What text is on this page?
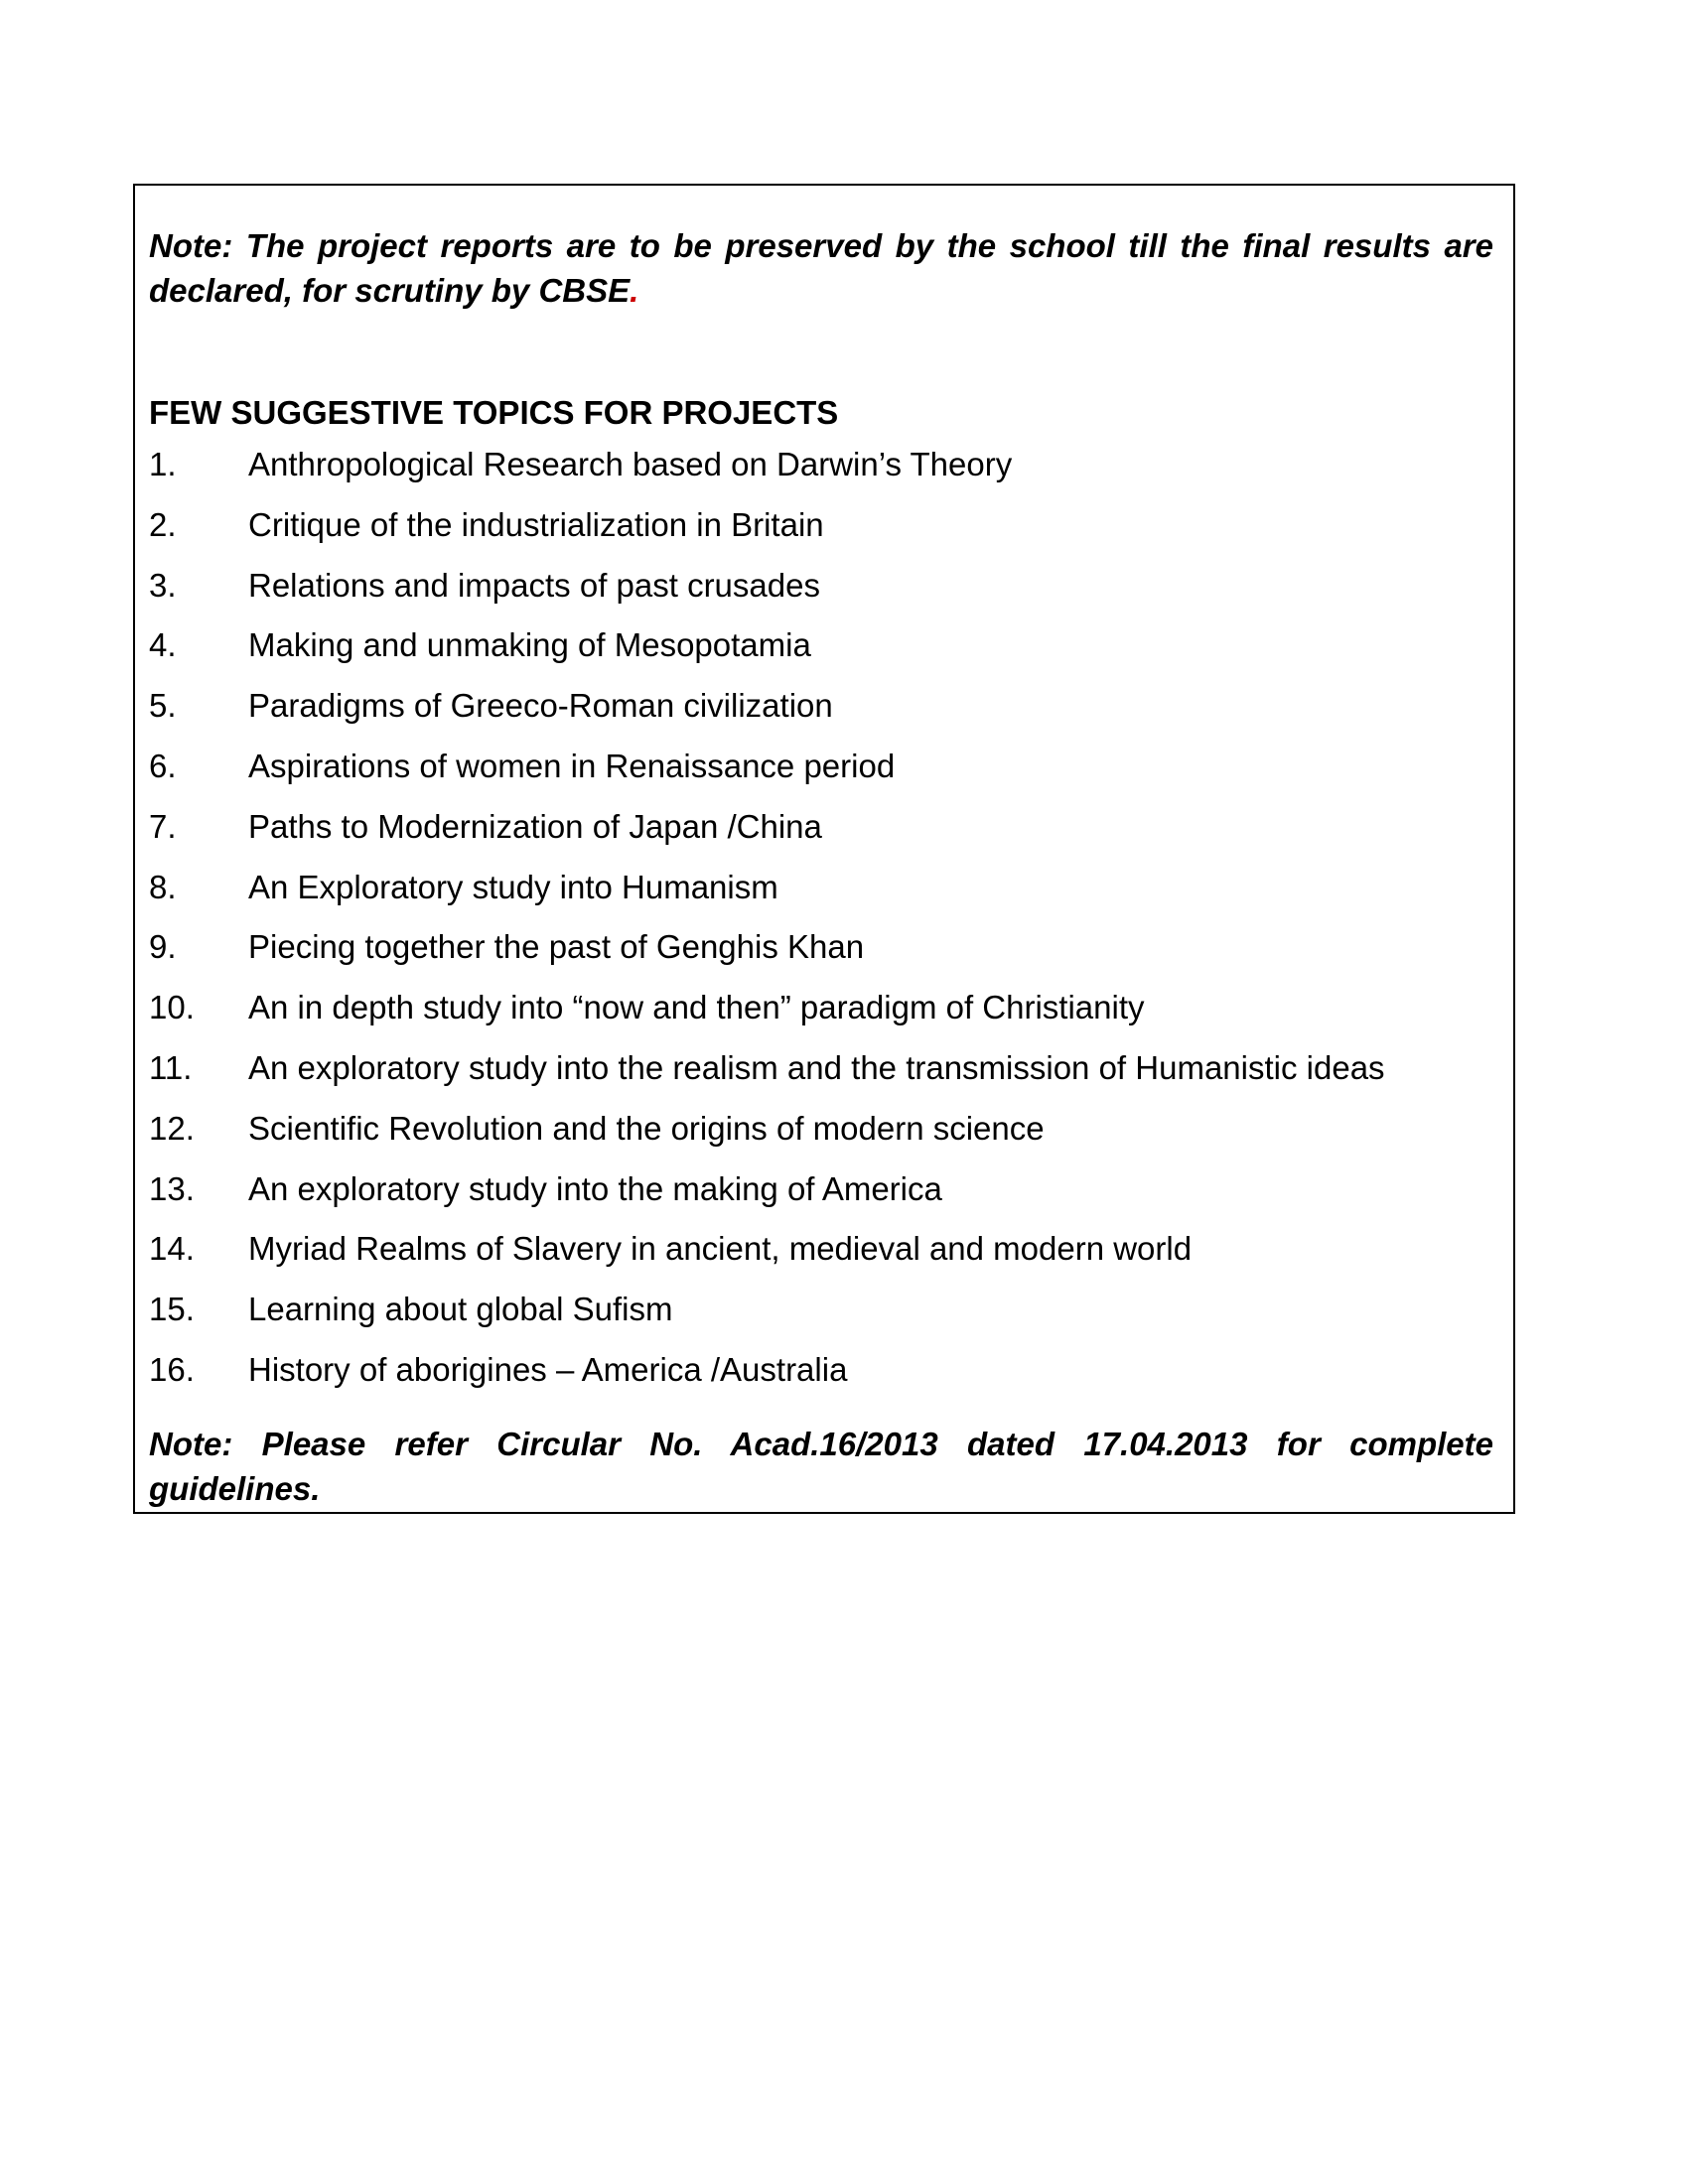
Note: The project reports are to be preserved by the school till the final results are
declared, for scrutiny by CBSE.
FEW SUGGESTIVE TOPICS FOR PROJECTS
1.	Anthropological Research based on Darwin’s Theory
2.	Critique of the industrialization in Britain
3.	Relations and impacts of past crusades
4.	Making and unmaking of Mesopotamia
5.	Paradigms of Greeco-Roman civilization
6.	Aspirations of women in Renaissance period
7.	Paths to Modernization of Japan /China
8.	An Exploratory study into Humanism
9.	Piecing together the past of Genghis Khan
10.	An in depth study into “now and then” paradigm of Christianity
11.	An exploratory study into the realism and the transmission of Humanistic ideas
12.	Scientific Revolution and the origins of modern science
13.	An exploratory study into the making of America
14.	Myriad Realms of Slavery in ancient, medieval and modern world
15.	Learning about global Sufism
16.	History of aborigines – America /Australia
Note: Please refer Circular No. Acad.16/2013 dated 17.04.2013 for complete
guidelines.
